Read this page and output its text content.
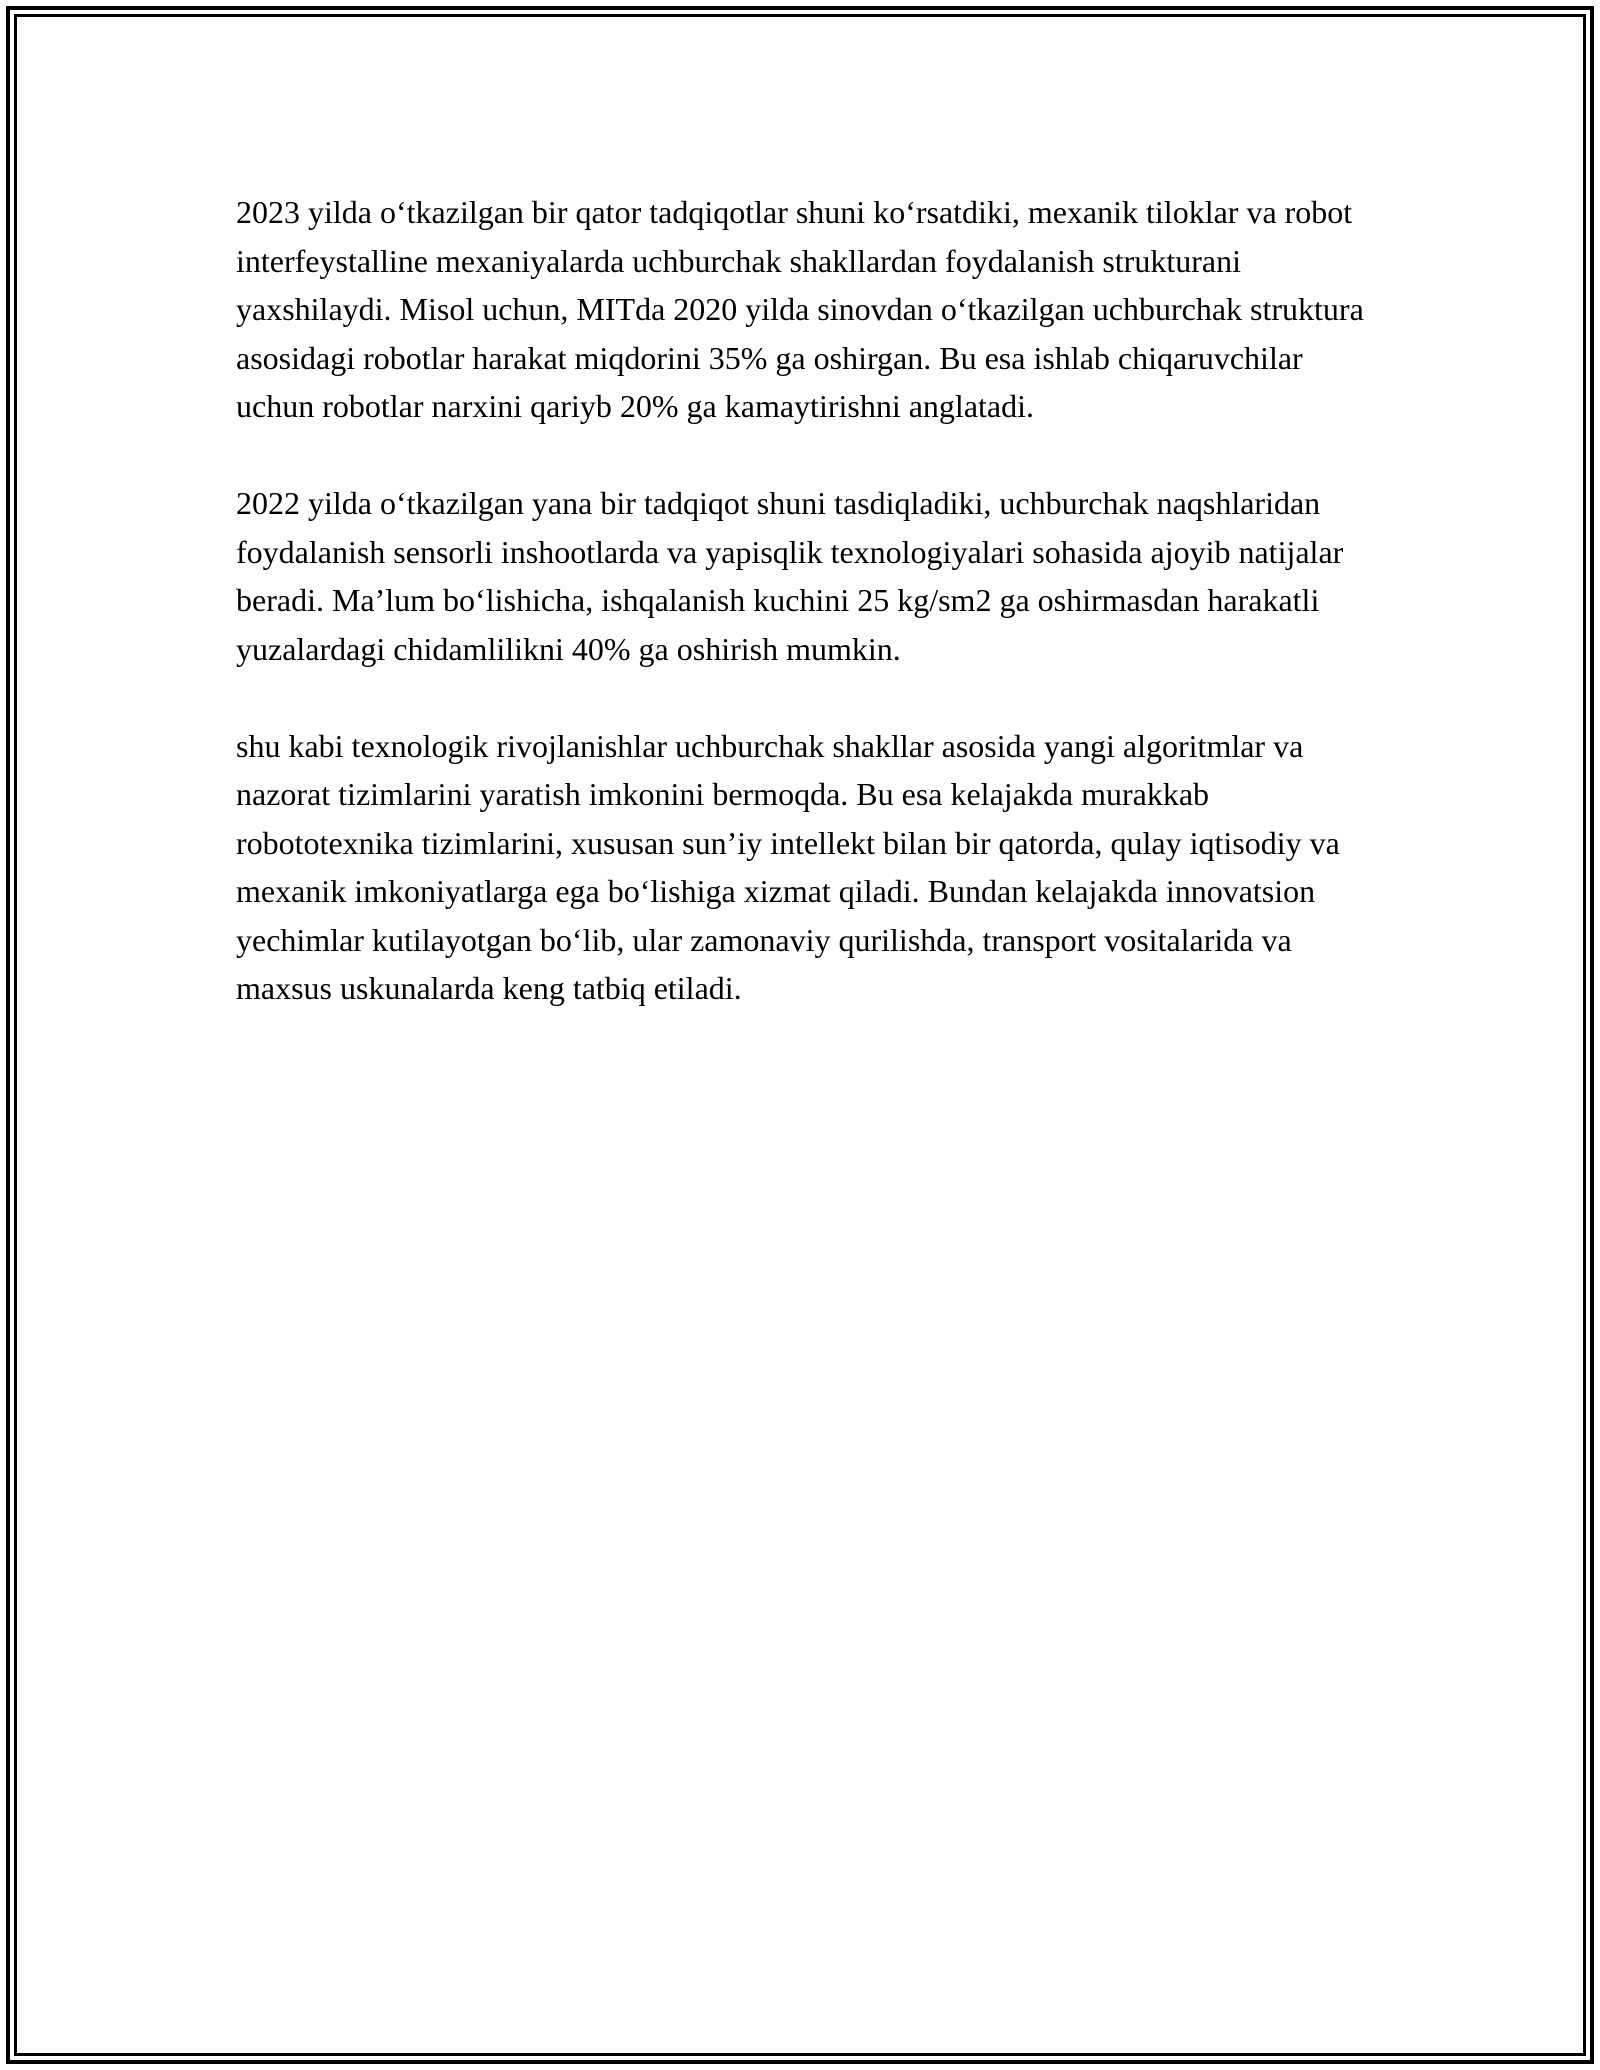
2023 yilda o‘tkazilgan bir qator tadqiqotlar shuni ko‘rsatdiki, mexanik tiloklar va robot interfeystalline mexaniyalarda uchburchak shakllardan foydalanish strukturani yaxshilaydi. Misol uchun, MITda 2020 yilda sinovdan o‘tkazilgan uchburchak struktura asosidagi robotlar harakat miqdorini 35% ga oshirgan. Bu esa ishlab chiqaruvchilar uchun robotlar narxini qariyb 20% ga kamaytirishni anglatadi.

2022 yilda o‘tkazilgan yana bir tadqiqot shuni tasdiqladiki, uchburchak naqshlaridan foydalanish sensorli inshootlarda va yapisqlik texnologiyalari sohasida ajoyib natijalar beradi. Ma’lum bo‘lishicha, ishqalanish kuchini 25 kg/sm2 ga oshirmasdan harakatli yuzalardagi chidamlilikni 40% ga oshirish mumkin.

shu kabi texnologik rivojlanishlar uchburchak shakllar asosida yangi algoritmlar va nazorat tizimlarini yaratish imkonini bermoqda. Bu esa kelajakda murakkab robototexnika tizimlarini, xususan sun’iy intellekt bilan bir qatorda, qulay iqtisodiy va mexanik imkoniyatlarga ega bo‘lishiga xizmat qiladi. Bundan kelajakda innovatsion yechimlar kutilayotgan bo‘lib, ular zamonaviy qurilishda, transport vositalarida va maxsus uskunalarda keng tatbiq etiladi.
